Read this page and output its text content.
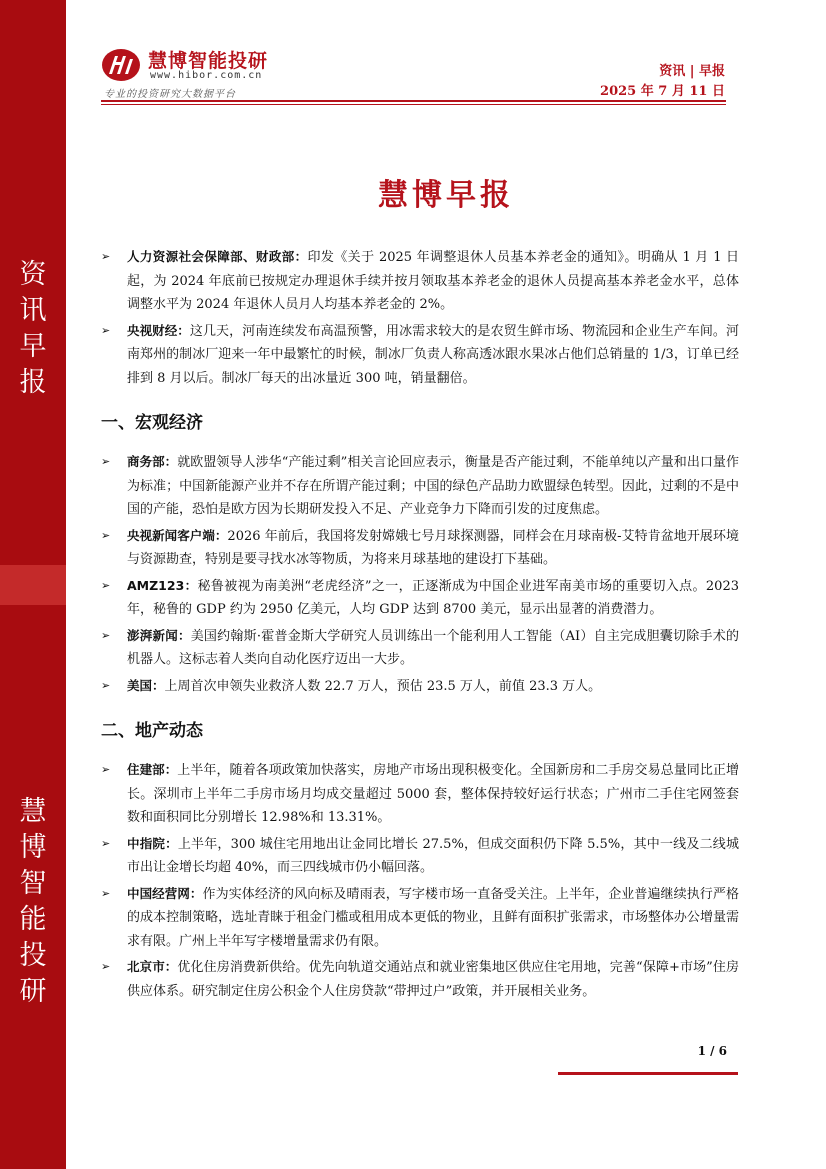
资
讯
早
报
慧
博
智
能
投
研
慧博智能投研
www.hibor.com.cn
专业的投资研究大数据平台
资讯 | 早报
2025 年 7 月 11 日
慧博早报
➢ 人力资源社会保障部、财政部：印发《关于 2025 年调整退休人员基本养老金的通知》。明确从 1 月 1 日起，为 2024 年底前已按规定办理退休手续并按月领取基本养老金的退休人员提高基本养老金水平，总体调整水平为 2024 年退休人员月人均基本养老金的 2%。
➢ 央视财经：这几天，河南连续发布高温预警，用冰需求较大的是农贸生鲜市场、物流园和企业生产车间。河南郑州的制冰厂迎来一年中最繁忙的时候，制冰厂负责人称高透冰跟水果冰占他们总销量的 1/3，订单已经排到 8 月以后。制冰厂每天的出冰量近 300 吨，销量翻倍。
一、宏观经济
➢ 商务部：就欧盟领导人涉华“产能过剩”相关言论回应表示，衡量是否产能过剩，不能单纯以产量和出口量作为标准；中国新能源产业并不存在所谓产能过剩；中国的绿色产品助力欧盟绿色转型。因此，过剩的不是中国的产能，恐怕是欧方因为长期研发投入不足、产业竞争力下降而引发的过度焦虑。
➢ 央视新闻客户端：2026 年前后，我国将发射嫦娥七号月球探测器，同样会在月球南极-艾特肯盆地开展环境与资源勘查，特别是要寻找水冰等物质，为将来月球基地的建设打下基础。
➢ AMZ123：秘鲁被视为南美洲“老虎经济”之一，正逐渐成为中国企业进军南美市场的重要切入点。2023 年，秘鲁的 GDP 约为 2950 亿美元，人均 GDP 达到 8700 美元，显示出显著的消费潜力。
➢ 澎湃新闻：美国约翰斯·霍普金斯大学研究人员训练出一个能利用人工智能（AI）自主完成胆囊切除手术的机器人。这标志着人类向自动化医疗迈出一大步。
➢ 美国：上周首次申领失业救济人数 22.7 万人，预估 23.5 万人，前值 23.3 万人。
二、地产动态
➢ 住建部：上半年，随着各项政策加快落实，房地产市场出现积极变化。全国新房和二手房交易总量同比正增长。深圳市上半年二手房市场月均成交量超过 5000 套，整体保持较好运行状态；广州市二手住宅网签套数和面积同比分别增长 12.98%和 13.31%。
➢ 中指院：上半年，300 城住宅用地出让金同比增长 27.5%，但成交面积仍下降 5.5%，其中一线及二线城市出让金增长均超 40%，而三四线城市仍小幅回落。
➢ 中国经营网：作为实体经济的风向标及晴雨表，写字楼市场一直备受关注。上半年，企业普遍继续执行严格的成本控制策略，选址青睐于租金门槛或租用成本更低的物业，且鲜有面积扩张需求，市场整体办公增量需求有限。广州上半年写字楼增量需求仍有限。
➢ 北京市：优化住房消费新供给。优先向轨道交通站点和就业密集地区供应住宅用地，完善“保障+市场”住房供应体系。研究制定住房公积金个人住房贷款“带押过户”政策，并开展相关业务。
1 / 6
